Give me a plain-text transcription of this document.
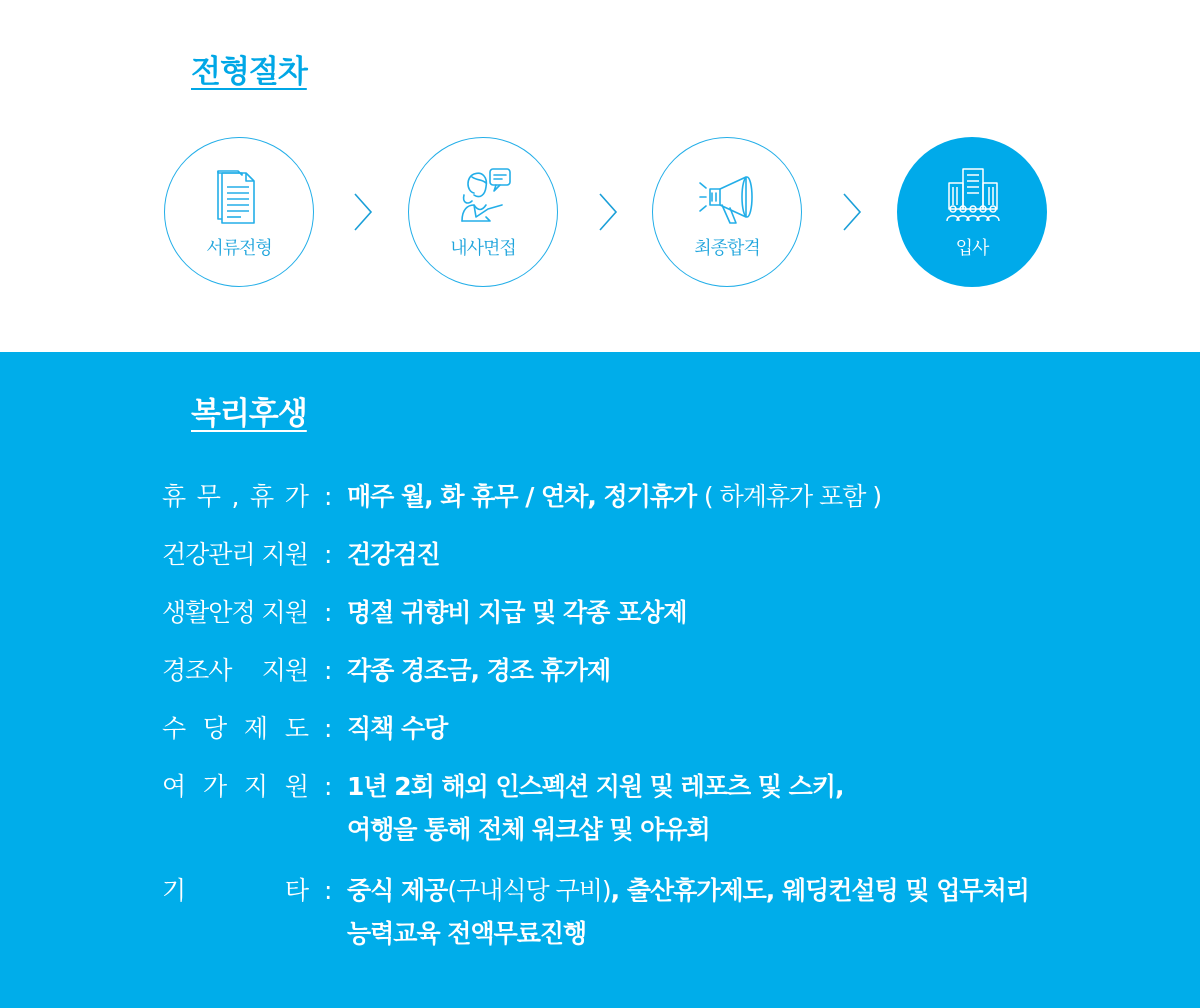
전형절차
서류전형	내사면접	최종합격	입사
복리후생
휴 무 , 휴 가 : 매주 월, 화 휴무 / 연차, 정기휴가 ( 하계휴가 포함 )
건강관리 지원 : 건강검진
생활안정 지원 : 명절 귀향비 지급 및 각종 포상제
경조사 지원 : 각종 경조금, 경조 휴가제
수 당 제 도 : 직책 수당
여 가 지 원 : 1년 2회 해외 인스펙션 지원 및 레포츠 및 스키,
여행을 통해 전체 워크샵 및 야유회
기	타 : 중식 제공(구내식당 구비), 출산휴가제도, 웨딩컨설팅 및 업무처리
능력교육 전액무료진행
